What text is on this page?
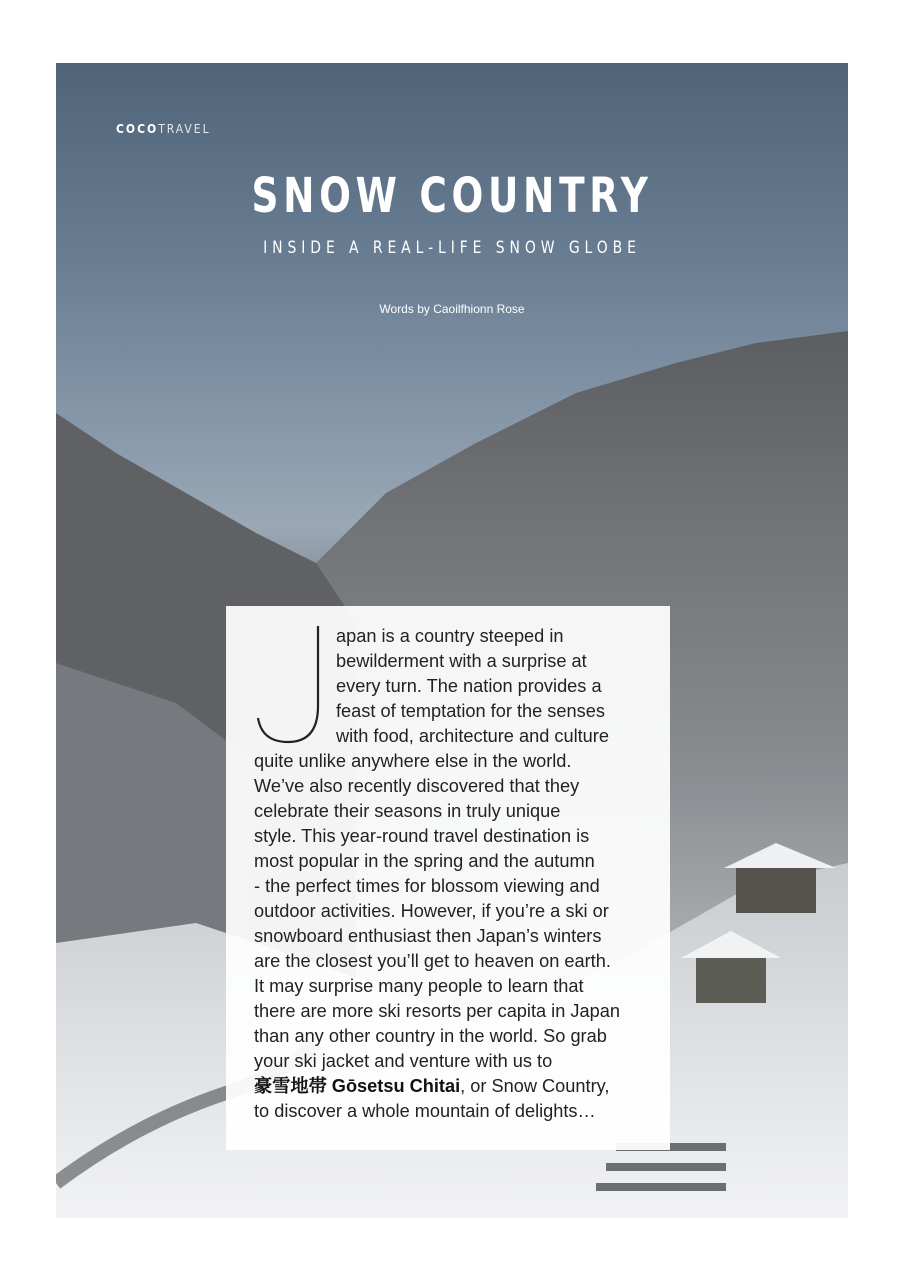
COCOTRAVEL
SNOW COUNTRY
INSIDE A REAL-LIFE SNOW GLOBE
Words by Caoilfhionn Rose
apan is a country steeped in
bewilderment with a surprise at
every turn. The nation provides a
feast of temptation for the senses
with food, architecture and culture
quite unlike anywhere else in the world.
We’ve also recently discovered that they
celebrate their seasons in truly unique
style. This year-round travel destination is
most popular in the spring and the autumn
- the perfect times for blossom viewing and
outdoor activities. However, if you’re a ski or
snowboard enthusiast then Japan’s winters
are the closest you’ll get to heaven on earth.
It may surprise many people to learn that
there are more ski resorts per capita in Japan
than any other country in the world. So grab
your ski jacket and venture with us to
豪雪地帯 Gōsetsu Chitai, or Snow Country,
to discover a whole mountain of delights…
